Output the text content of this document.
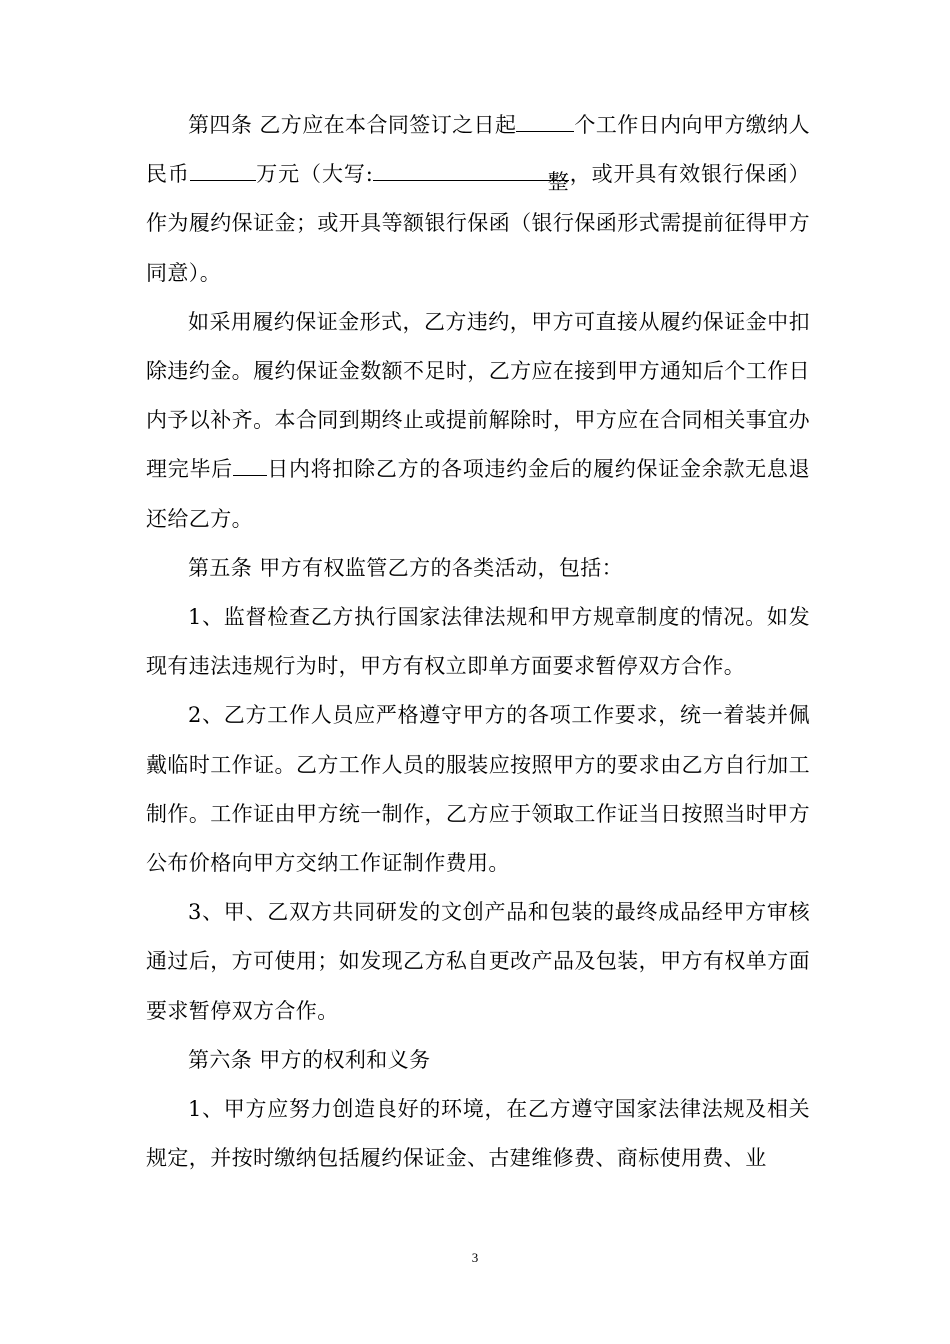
第四条 乙方应在本合同签订之日起	个工作日内向甲方缴纳人民币	万元（大写:	整 ，或开具有效银行保函）作为履约保证金；或开具等额银行保函（银行保函形式需提前征得甲方同意）。

如采用履约保证金形式，乙方违约，甲方可直接从履约保证金中扣除违约金。履约保证金数额不足时，乙方应在接到甲方通知后个工作日内予以补齐。本合同到期终止或提前解除时，甲方应在合同相关事宜办理完毕后 日内将扣除乙方的各项违约金后的履约保证金余款无息退还给乙方。

第五条 甲方有权监管乙方的各类活动，包括：

1、监督检查乙方执行国家法律法规和甲方规章制度的情况。如发现有违法违规行为时，甲方有权立即单方面要求暂停双方合作。

2、乙方工作人员应严格遵守甲方的各项工作要求，统一着装并佩戴临时工作证。乙方工作人员的服装应按照甲方的要求由乙方自行加工制作。工作证由甲方统一制作，乙方应于领取工作证当日按照当时甲方公布价格向甲方交纳工作证制作费用。

3、甲、乙双方共同研发的文创产品和包装的最终成品经甲方审核通过后，方可使用；如发现乙方私自更改产品及包装，甲方有权单方面要求暂停双方合作。

第六条 甲方的权利和义务

1、甲方应努力创造良好的环境，在乙方遵守国家法律法规及相关规定，并按时缴纳包括履约保证金、古建维修费、商标使用费、业

3
